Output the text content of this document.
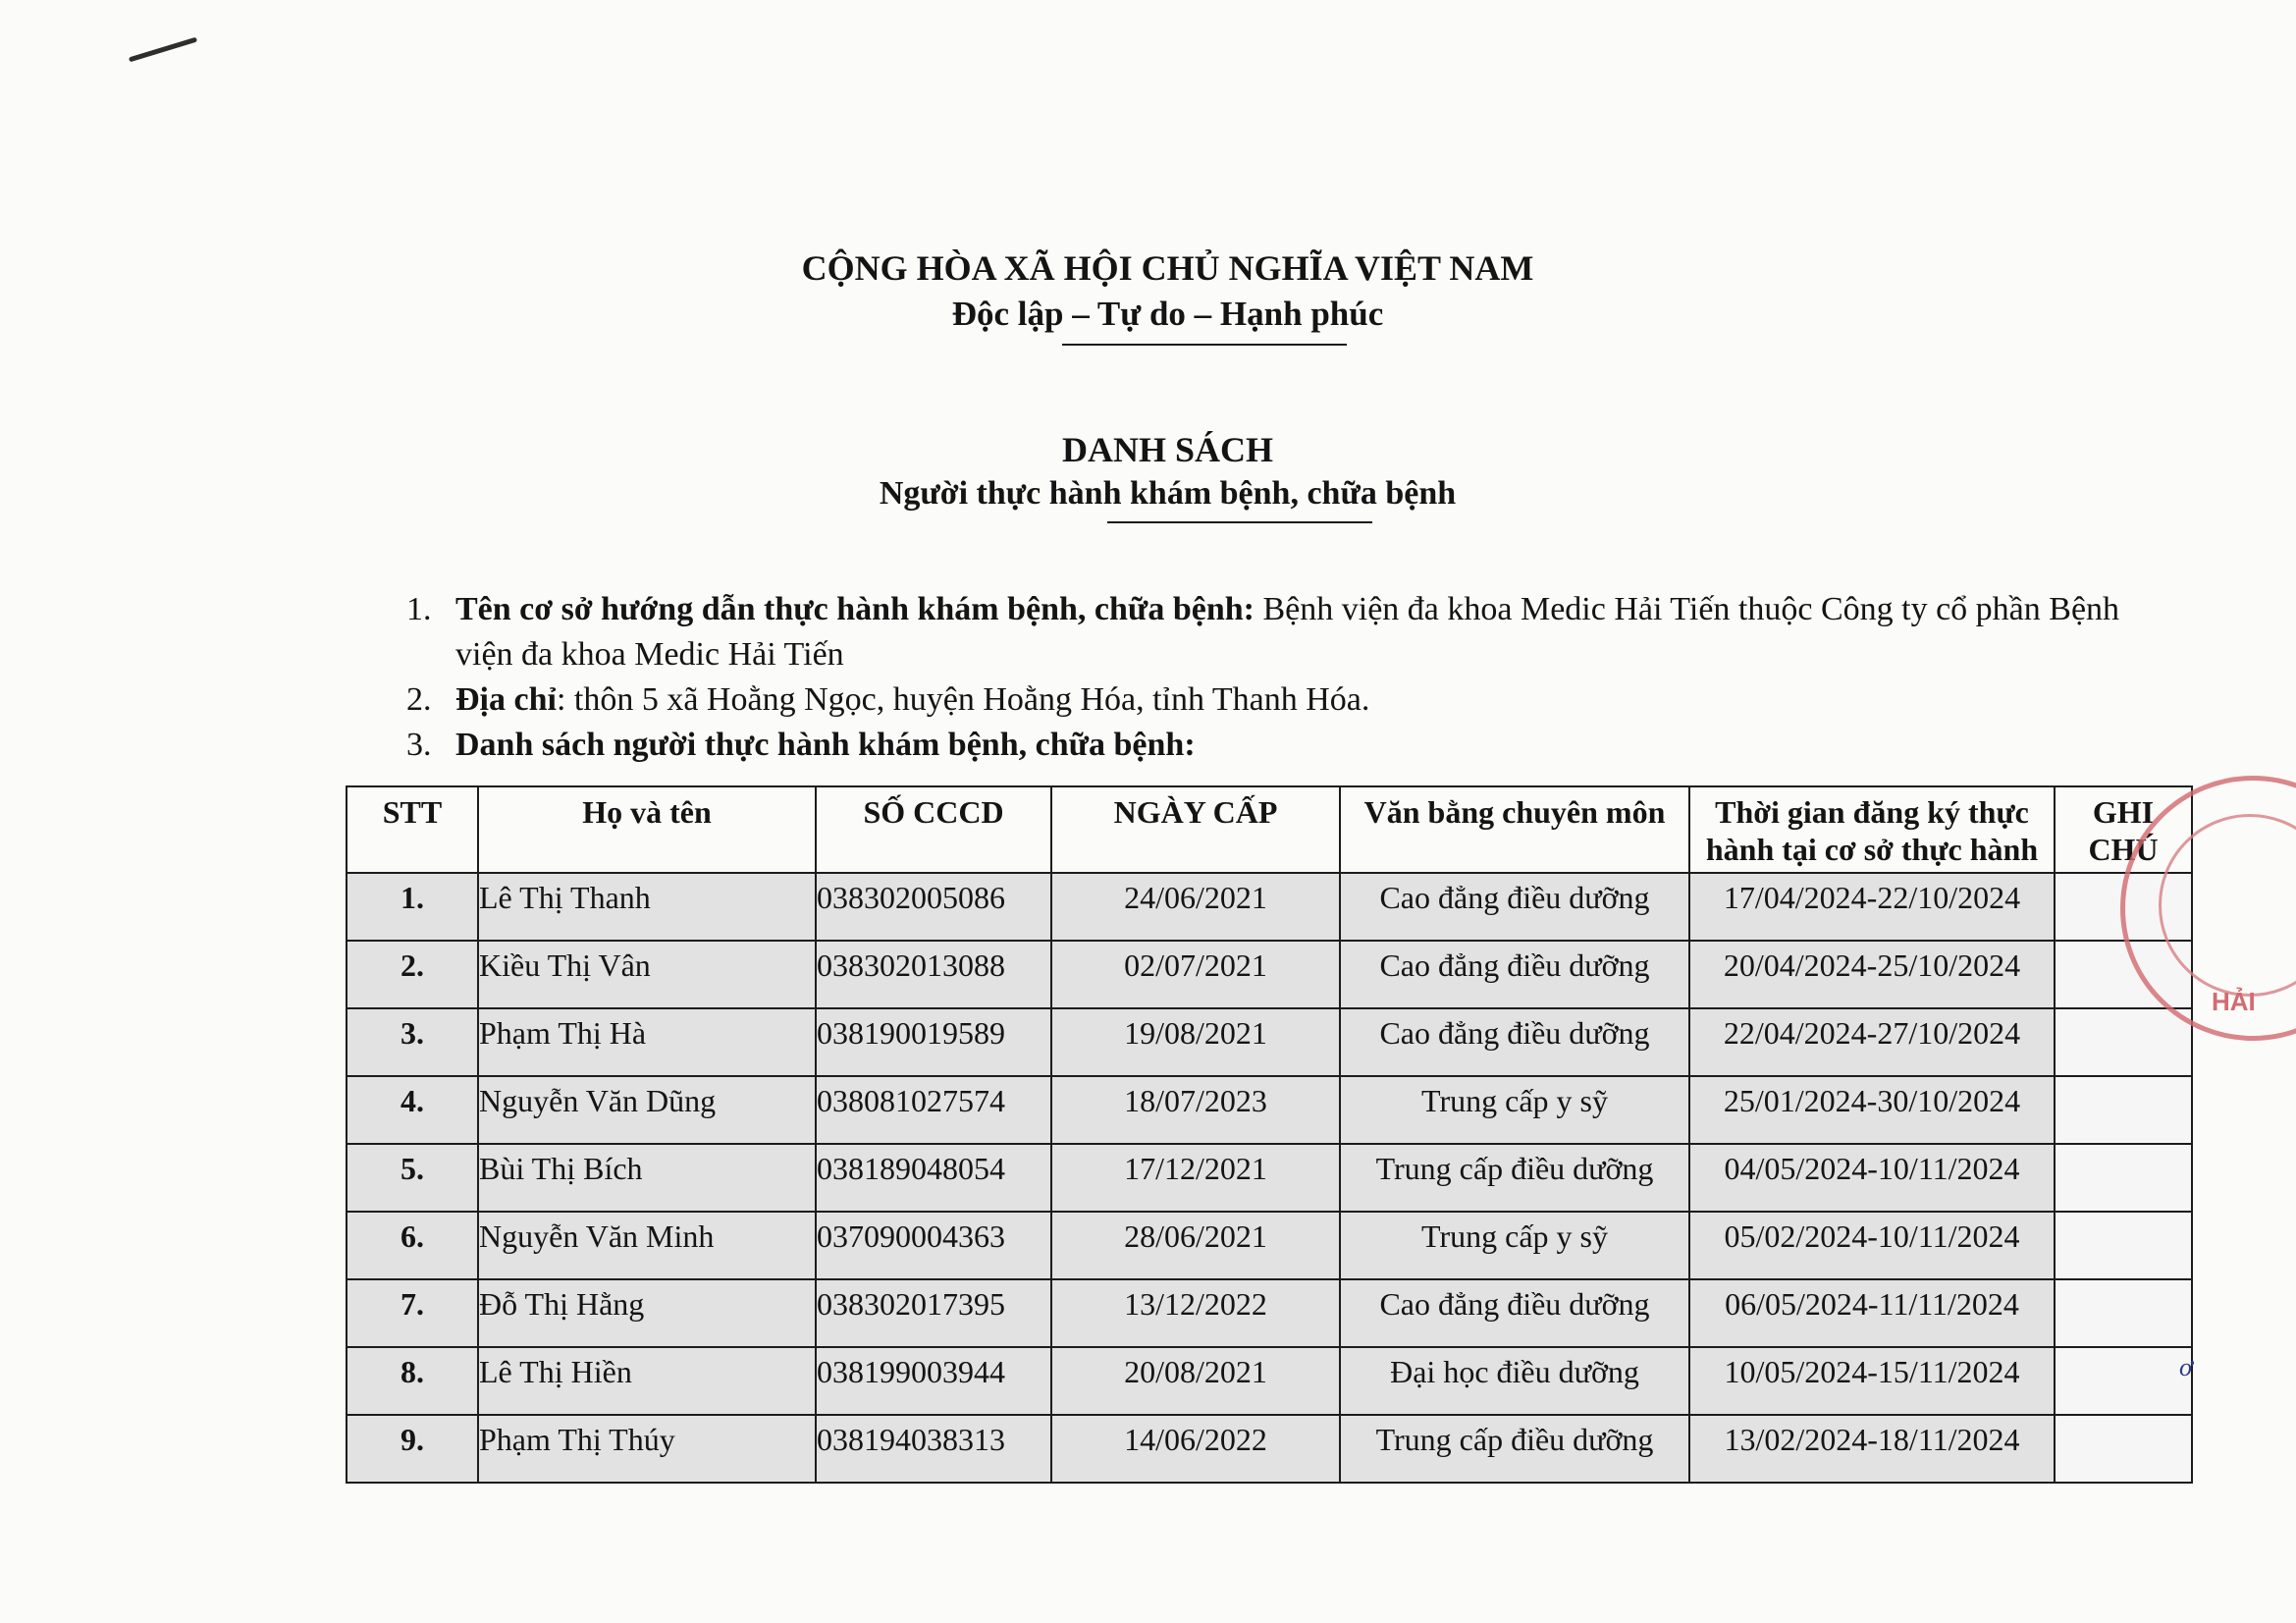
CỘNG HÒA XÃ HỘI CHỦ NGHĨA VIỆT NAM
Độc lập – Tự do – Hạnh phúc
DANH SÁCH
Người thực hành khám bệnh, chữa bệnh
1. Tên cơ sở hướng dẫn thực hành khám bệnh, chữa bệnh: Bệnh viện đa khoa Medic Hải Tiến thuộc Công ty cổ phần Bệnh viện đa khoa Medic Hải Tiến
2. Địa chỉ: thôn 5 xã Hoằng Ngọc, huyện Hoằng Hóa, tỉnh Thanh Hóa.
3. Danh sách người thực hành khám bệnh, chữa bệnh:
STT	Họ và tên	SỐ CCCD	NGÀY CẤP	Văn bằng chuyên môn	Thời gian đăng ký thực hành tại cơ sở thực hành	GHI CHÚ
1.	Lê Thị Thanh	038302005086	24/06/2021	Cao đẳng điều dưỡng	17/04/2024-22/10/2024	
2.	Kiều Thị Vân	038302013088	02/07/2021	Cao đẳng điều dưỡng	20/04/2024-25/10/2024	
3.	Phạm Thị Hà	038190019589	19/08/2021	Cao đẳng điều dưỡng	22/04/2024-27/10/2024	
4.	Nguyễn Văn Dũng	038081027574	18/07/2023	Trung cấp y sỹ	25/01/2024-30/10/2024	
5.	Bùi Thị Bích	038189048054	17/12/2021	Trung cấp điều dưỡng	04/05/2024-10/11/2024	
6.	Nguyễn Văn Minh	037090004363	28/06/2021	Trung cấp y sỹ	05/02/2024-10/11/2024	
7.	Đỗ Thị Hằng	038302017395	13/12/2022	Cao đẳng điều dưỡng	06/05/2024-11/11/2024	
8.	Lê Thị Hiền	038199003944	20/08/2021	Đại học điều dưỡng	10/05/2024-15/11/2024	
9.	Phạm Thị Thúy	038194038313	14/06/2022	Trung cấp điều dưỡng	13/02/2024-18/11/2024	
HẢI
ơ
